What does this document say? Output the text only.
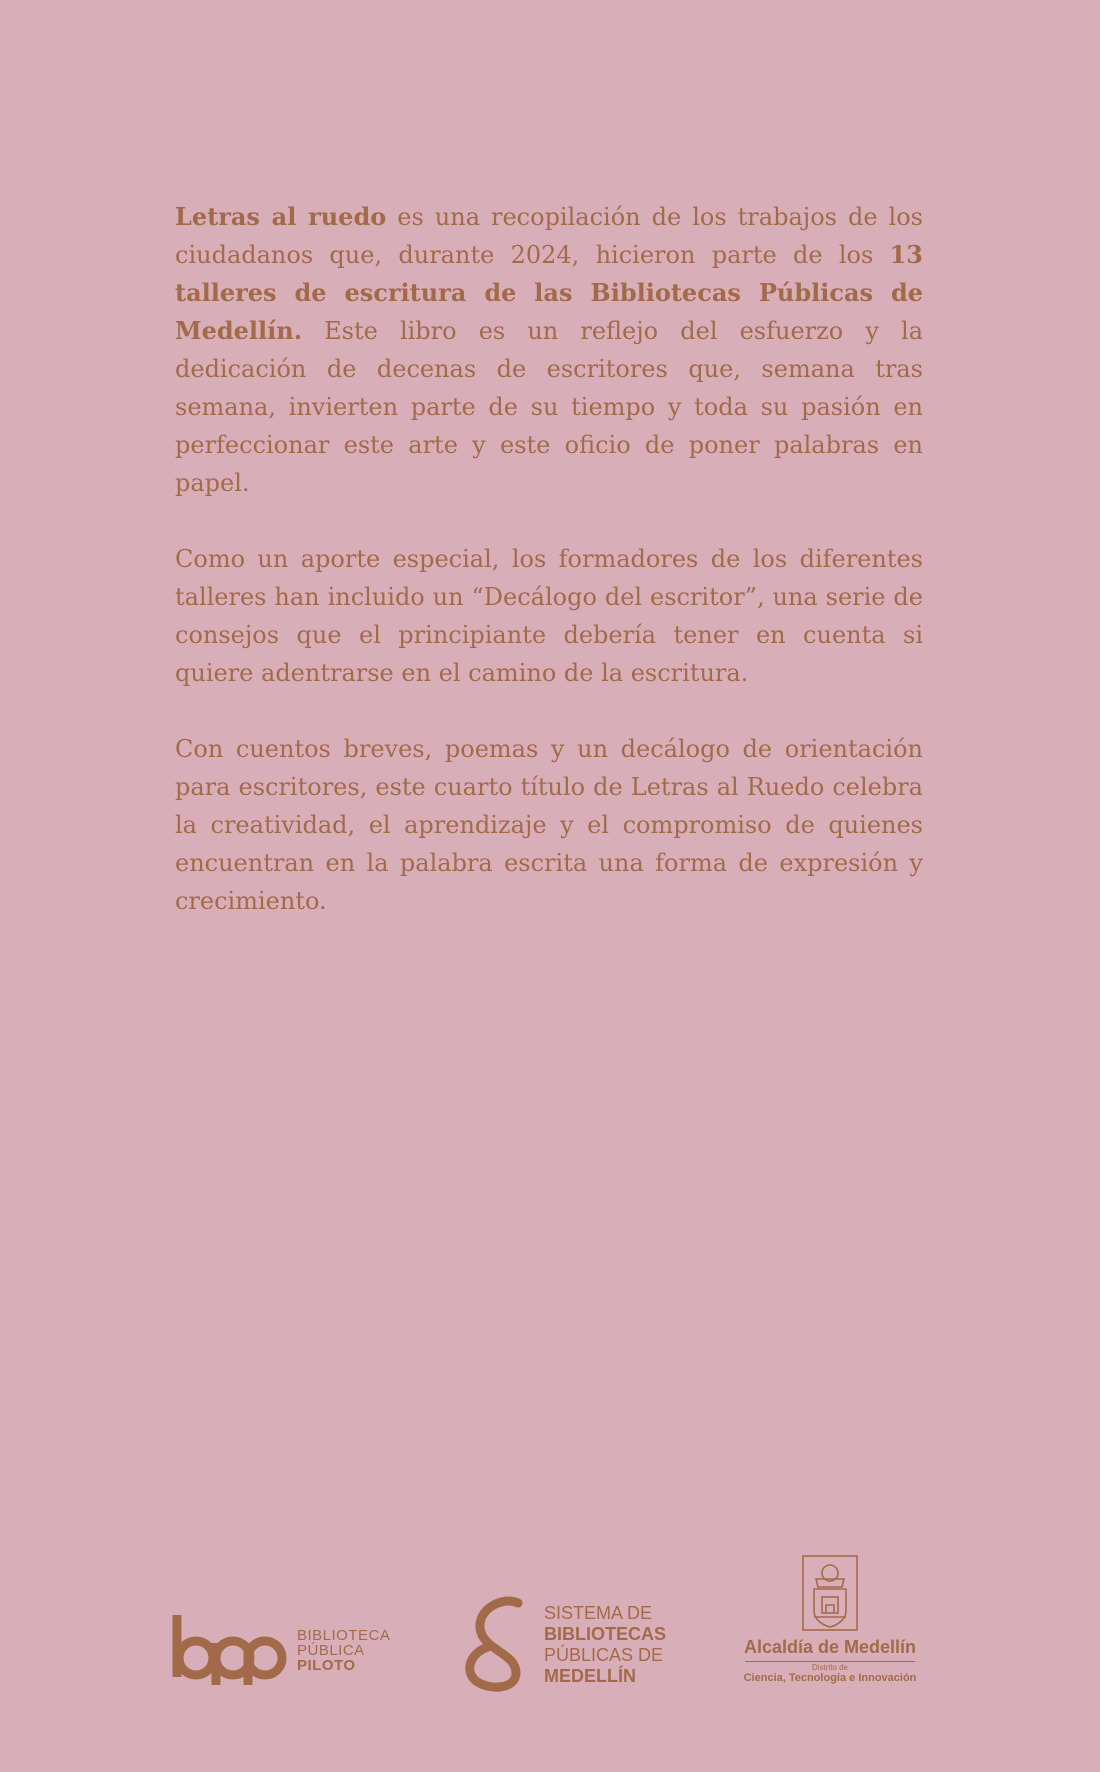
Letras al ruedo es una recopilación de los trabajos de los ciudadanos que, durante 2024, hicieron parte de los 13 talleres de escritura de las Bibliotecas Públicas de Medellín. Este libro es un reflejo del esfuerzo y la dedicación de decenas de escritores que, semana tras semana, invierten parte de su tiempo y toda su pasión en perfeccionar este arte y este oficio de poner palabras en papel.

Como un aporte especial, los formadores de los diferentes talleres han incluido un “Decálogo del escritor”, una serie de consejos que el principiante debería tener en cuenta si quiere adentrarse en el camino de la escritura.

Con cuentos breves, poemas y un decálogo de orientación para escritores, este cuarto título de Letras al Ruedo celebra la creatividad, el aprendizaje y el compromiso de quienes encuentran en la palabra escrita una forma de expresión y crecimiento.

BIBLIOTECA
PÚBLICA
PILOTO
SISTEMA DE
BIBLIOTECAS
PÚBLICAS DE
MEDELLÍN
Alcaldía de Medellín
Distrito de
Ciencia, Tecnología e Innovación
